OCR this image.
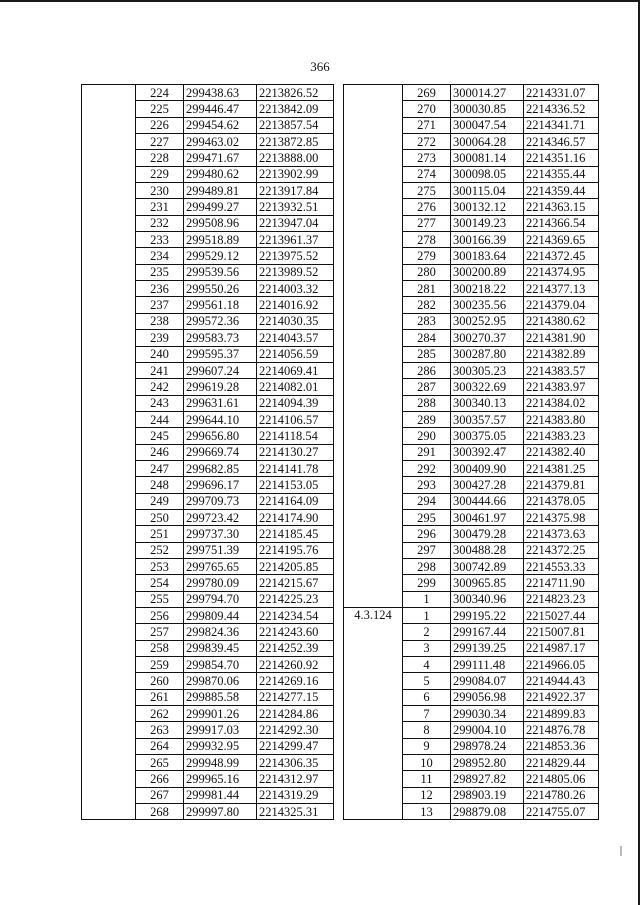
366
	224	299438.63	2213826.52
	225	299446.47	2213842.09
	226	299454.62	2213857.54
	227	299463.02	2213872.85
	228	299471.67	2213888.00
	229	299480.62	2213902.99
	230	299489.81	2213917.84
	231	299499.27	2213932.51
	232	299508.96	2213947.04
	233	299518.89	2213961.37
	234	299529.12	2213975.52
	235	299539.56	2213989.52
	236	299550.26	2214003.32
	237	299561.18	2214016.92
	238	299572.36	2214030.35
	239	299583.73	2214043.57
	240	299595.37	2214056.59
	241	299607.24	2214069.41
	242	299619.28	2214082.01
	243	299631.61	2214094.39
	244	299644.10	2214106.57
	245	299656.80	2214118.54
	246	299669.74	2214130.27
	247	299682.85	2214141.78
	248	299696.17	2214153.05
	249	299709.73	2214164.09
	250	299723.42	2214174.90
	251	299737.30	2214185.45
	252	299751.39	2214195.76
	253	299765.65	2214205.85
	254	299780.09	2214215.67
	255	299794.70	2214225.23
	256	299809.44	2214234.54
	257	299824.36	2214243.60
	258	299839.45	2214252.39
	259	299854.70	2214260.92
	260	299870.06	2214269.16
	261	299885.58	2214277.15
	262	299901.26	2214284.86
	263	299917.03	2214292.30
	264	299932.95	2214299.47
	265	299948.99	2214306.35
	266	299965.16	2214312.97
	267	299981.44	2214319.29
	268	299997.80	2214325.31
	269	300014.27	2214331.07
	270	300030.85	2214336.52
	271	300047.54	2214341.71
	272	300064.28	2214346.57
	273	300081.14	2214351.16
	274	300098.05	2214355.44
	275	300115.04	2214359.44
	276	300132.12	2214363.15
	277	300149.23	2214366.54
	278	300166.39	2214369.65
	279	300183.64	2214372.45
	280	300200.89	2214374.95
	281	300218.22	2214377.13
	282	300235.56	2214379.04
	283	300252.95	2214380.62
	284	300270.37	2214381.90
	285	300287.80	2214382.89
	286	300305.23	2214383.57
	287	300322.69	2214383.97
	288	300340.13	2214384.02
	289	300357.57	2214383.80
	290	300375.05	2214383.23
	291	300392.47	2214382.40
	292	300409.90	2214381.25
	293	300427.28	2214379.81
	294	300444.66	2214378.05
	295	300461.97	2214375.98
	296	300479.28	2214373.63
	297	300488.28	2214372.25
	298	300742.89	2214553.33
	299	300965.85	2214711.90
	1	300340.96	2214823.23
4.3.124	1	299195.22	2215027.44
	2	299167.44	2215007.81
	3	299139.25	2214987.17
	4	299111.48	2214966.05
	5	299084.07	2214944.43
	6	299056.98	2214922.37
	7	299030.34	2214899.83
	8	299004.10	2214876.78
	9	298978.24	2214853.36
	10	298952.80	2214829.44
	11	298927.82	2214805.06
	12	298903.19	2214780.26
	13	298879.08	2214755.07
